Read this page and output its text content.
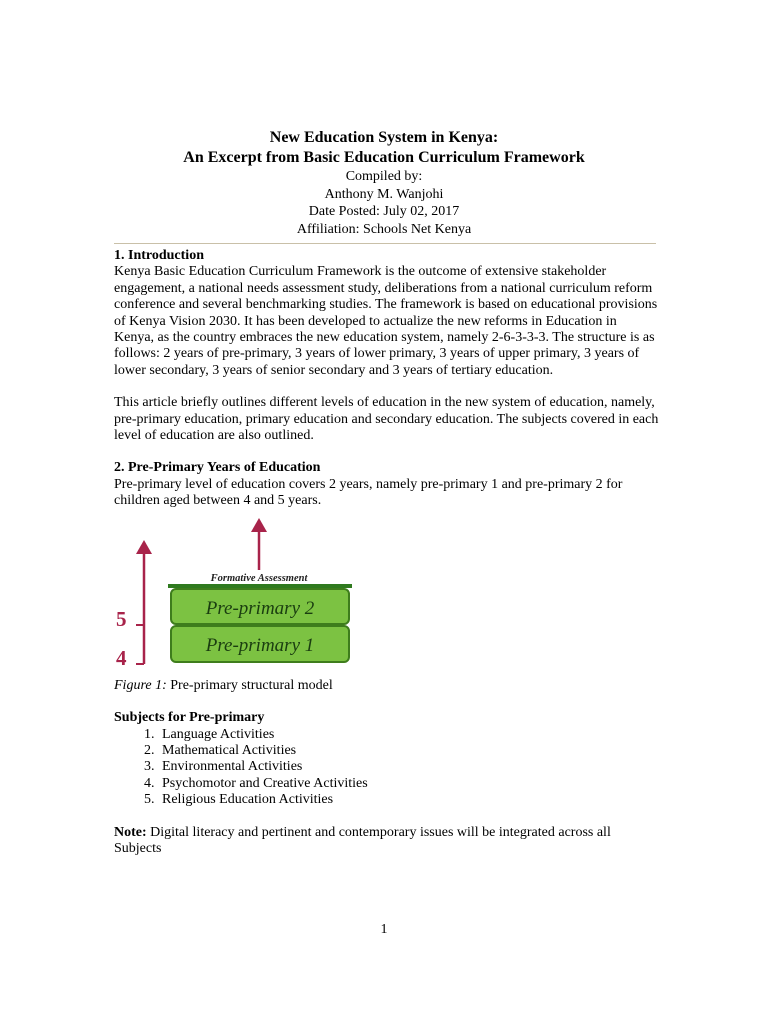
New Education System in Kenya:
An Excerpt from Basic Education Curriculum Framework
Compiled by:
Anthony M. Wanjohi
Date Posted: July 02, 2017
Affiliation: Schools Net Kenya

1. Introduction

Kenya Basic Education Curriculum Framework is the outcome of extensive stakeholder engagement, a national needs assessment study, deliberations from a national curriculum reform conference and several benchmarking studies. The framework is based on educational provisions of Kenya Vision 2030. It has been developed to actualize the new reforms in Education in Kenya, as the country embraces the new education system, namely 2-6-3-3-3. The structure is as follows: 2 years of pre-primary, 3 years of lower primary, 3 years of upper primary, 3 years of lower secondary, 3 years of senior secondary and 3 years of tertiary education.

This article briefly outlines different levels of education in the new system of education, namely, pre-primary education, primary education and secondary education. The subjects covered in each level of education are also outlined.

2. Pre-Primary Years of Education

Pre-primary level of education covers 2 years, namely pre-primary 1 and pre-primary 2 for children aged between 4 and 5 years.

5
4
Formative Assessment
Pre-primary 2
Pre-primary 1

Figure 1: Pre-primary structural model

Subjects for Pre-primary

1. Language Activities
2. Mathematical Activities
3. Environmental Activities
4. Psychomotor and Creative Activities
5. Religious Education Activities

Note: Digital literacy and pertinent and contemporary issues will be integrated across all Subjects

1
